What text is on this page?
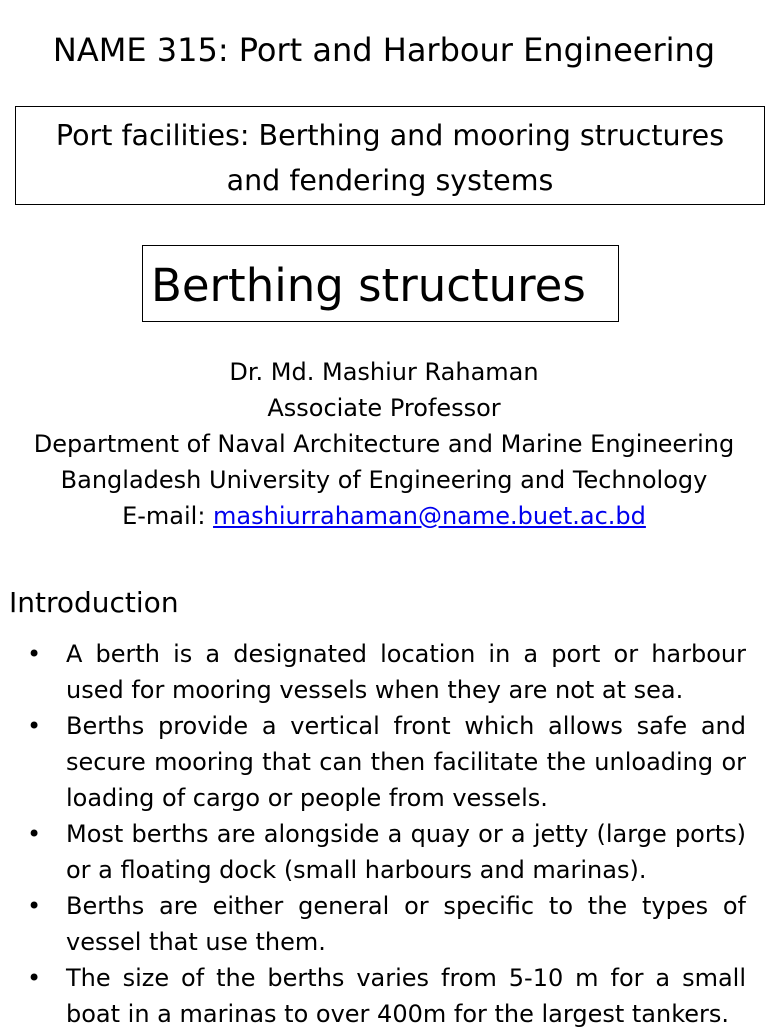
NAME 315: Port and Harbour Engineering
Port facilities: Berthing and mooring structures
and fendering systems
Berthing structures
Dr. Md. Mashiur Rahaman
Associate Professor
Department of Naval Architecture and Marine Engineering
Bangladesh University of Engineering and Technology
E-mail: mashiurrahaman@name.buet.ac.bd
Introduction
• A berth is a designated location in a port or harbour used for mooring vessels when they are not at sea.
• Berths provide a vertical front which allows safe and secure mooring that can then facilitate the unloading or loading of cargo or people from vessels.
• Most berths are alongside a quay or a jetty (large ports) or a floating dock (small harbours and marinas).
• Berths are either general or specific to the types of vessel that use them.
• The size of the berths varies from 5-10 m for a small boat in a marinas to over 400m for the largest tankers.
